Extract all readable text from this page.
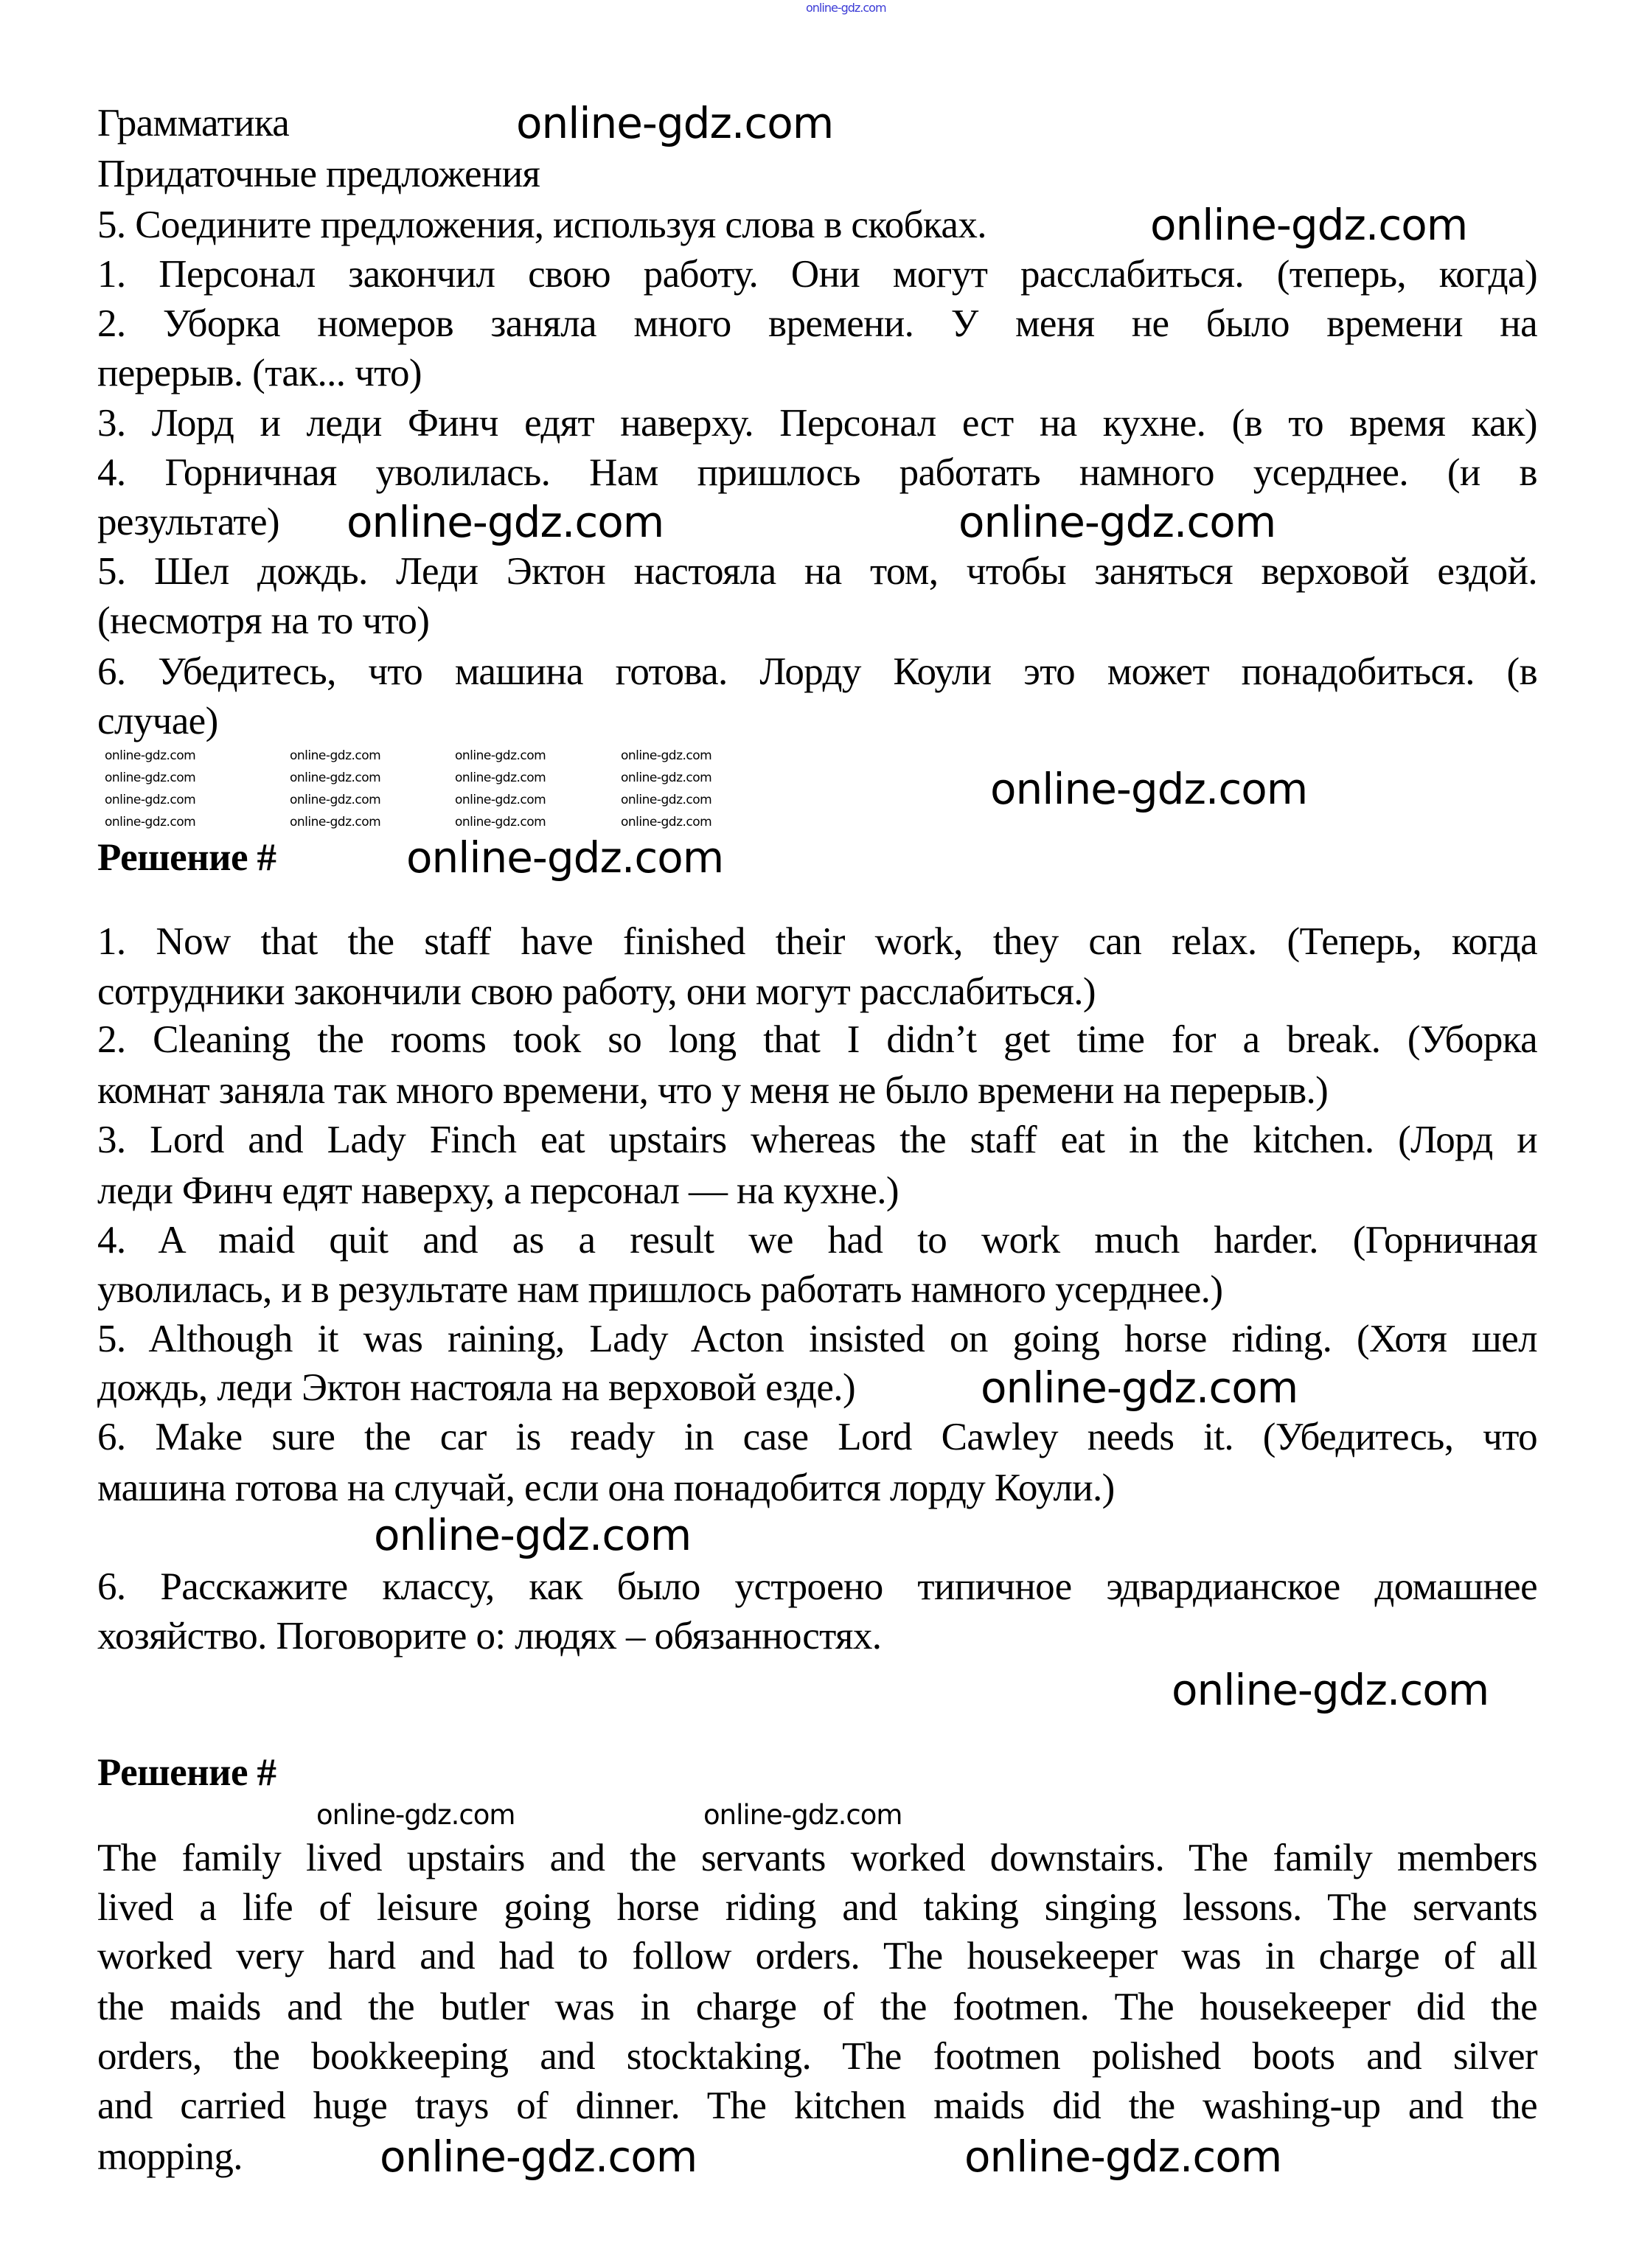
Грамматика
Придаточные предложения
5. Соедините предложения, используя слова в скобках.
1. Персонал закончил свою работу. Они могут расслабиться. (теперь, когда)
2. Уборка номеров заняла много времени. У меня не было времени на
перерыв. (так... что)
3. Лорд и леди Финч едят наверху. Персонал ест на кухне. (в то время как)
4. Горничная уволилась. Нам пришлось работать намного усерднее. (и в
результате)
5. Шел дождь. Леди Эктон настояла на том, чтобы заняться верховой ездой.
(несмотря на то что)
6. Убедитесь, что машина готова. Лорду Коули это может понадобиться. (в
случае)
Решение #
1. Now that the staff have finished their work, they can relax. (Теперь, когда
сотрудники закончили свою работу, они могут расслабиться.)
2. Cleaning the rooms took so long that I didn’t get time for a break. (Уборка
комнат заняла так много времени, что у меня не было времени на перерыв.)
3. Lord and Lady Finch eat upstairs whereas the staff eat in the kitchen. (Лорд и
леди Финч едят наверху, а персонал — на кухне.)
4. A maid quit and as a result we had to work much harder. (Горничная
уволилась, и в результате нам пришлось работать намного усерднее.)
5. Although it was raining, Lady Acton insisted on going horse riding. (Хотя шел
дождь, леди Эктон настояла на верховой езде.)
6. Make sure the car is ready in case Lord Cawley needs it. (Убедитесь, что
машина готова на случай, если она понадобится лорду Коули.)
6. Расскажите классу, как было устроено типичное эдвардианское домашнее
хозяйство. Поговорите о: людях – обязанностях.
Решение #
The family lived upstairs and the servants worked downstairs. The family members
lived a life of leisure going horse riding and taking singing lessons. The servants
worked very hard and had to follow orders. The housekeeper was in charge of all
the maids and the butler was in charge of the footmen. The housekeeper did the
orders, the bookkeeping and stocktaking. The footmen polished boots and silver
and carried huge trays of dinner. The kitchen maids did the washing-up and the
mopping.
online-gdz.com
online-gdz.com
online-gdz.com
online-gdz.com	online-gdz.com
online-gdz.com
online-gdz.com
online-gdz.com
online-gdz.com
online-gdz.com
online-gdz.com	online-gdz.com
online-gdz.com	online-gdz.com
online-gdz.com	online-gdz.com	online-gdz.com	online-gdz.com
online-gdz.com	online-gdz.com	online-gdz.com	online-gdz.com
online-gdz.com	online-gdz.com	online-gdz.com	online-gdz.com
online-gdz.com	online-gdz.com	online-gdz.com	online-gdz.com
